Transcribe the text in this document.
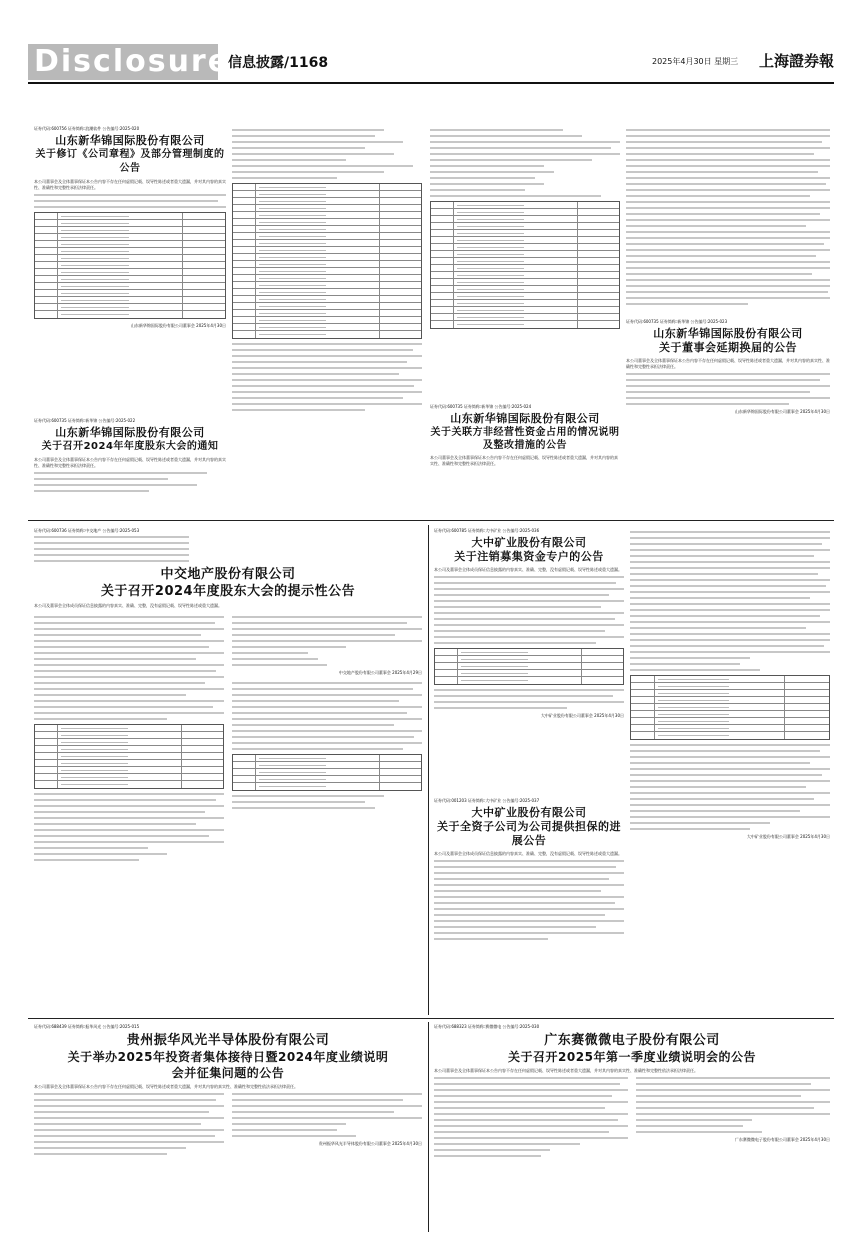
Disclosure
信息披露/1168	2025年4月30日 星期三 上海證券報
证券代码:600756 证券简称:浪潮软件 公告编号:2025-020
山东新华锦国际股份有限公司
关于修订《公司章程》及部分管理制度的公告
本公司董事会及全体董事保证本公告内容不存在任何虚假记载、误导性陈述或者重大遗漏，并对其内容的真实性、准确性和完整性承担法律责任。
山东新华锦国际股份有限公司董事会 2025年4月30日
证券代码:600735 证券简称:新华锦 公告编号:2025-022
山东新华锦国际股份有限公司
关于召开2024年年度股东大会的通知
本公司董事会及全体董事保证本公告内容不存在任何虚假记载、误导性陈述或者重大遗漏，并对其内容的真实性、准确性和完整性承担法律责任。
证券代码:600735 证券简称:新华锦 公告编号:2025-024
山东新华锦国际股份有限公司
关于关联方非经营性资金占用的情况说明及整改措施的公告
本公司董事会及全体董事保证本公告内容不存在任何虚假记载、误导性陈述或者重大遗漏，并对其内容的真实性、准确性和完整性承担法律责任。
证券代码:600735 证券简称:新华锦 公告编号:2025-023
山东新华锦国际股份有限公司
关于董事会延期换届的公告
本公司董事会及全体董事保证本公告内容不存在任何虚假记载、误导性陈述或者重大遗漏，并对其内容的真实性、准确性和完整性承担法律责任。
山东新华锦国际股份有限公司董事会 2025年4月30日
证券代码:600736 证券简称:中交地产 公告编号:2025-053
中交地产股份有限公司
关于召开2024年度股东大会的提示性公告
本公司及董事会全体成员保证信息披露的内容真实、准确、完整，没有虚假记载、误导性陈述或重大遗漏。
中交地产股份有限公司董事会 2025年4月29日
证券代码:600785 证券简称:大中矿业 公告编号:2025-036
大中矿业股份有限公司
关于注销募集资金专户的公告
本公司及董事会全体成员保证信息披露的内容真实、准确、完整，没有虚假记载、误导性陈述或重大遗漏。
大中矿业股份有限公司董事会 2025年4月30日
证券代码:001203 证券简称:大中矿业 公告编号:2025-037
大中矿业股份有限公司
关于全资子公司为公司提供担保的进展公告
本公司及董事会全体成员保证信息披露的内容真实、准确、完整，没有虚假记载、误导性陈述或重大遗漏。
大中矿业股份有限公司董事会 2025年4月30日
证券代码:688439 证券简称:振华风光 公告编号:2025-015
贵州振华风光半导体股份有限公司
关于举办2025年投资者集体接待日暨2024年度业绩说明会并征集问题的公告
本公司董事会及全体董事保证本公告内容不存在任何虚假记载、误导性陈述或者重大遗漏，并对其内容的真实性、准确性和完整性依法承担法律责任。
贵州振华风光半导体股份有限公司董事会 2025年4月30日
证券代码:688323 证券简称:赛微微电 公告编号:2025-030
广东赛微微电子股份有限公司
关于召开2025年第一季度业绩说明会的公告
本公司董事会及全体董事保证本公告内容不存在任何虚假记载、误导性陈述或者重大遗漏，并对其内容的真实性、准确性和完整性依法承担法律责任。
广东赛微微电子股份有限公司董事会 2025年4月30日
